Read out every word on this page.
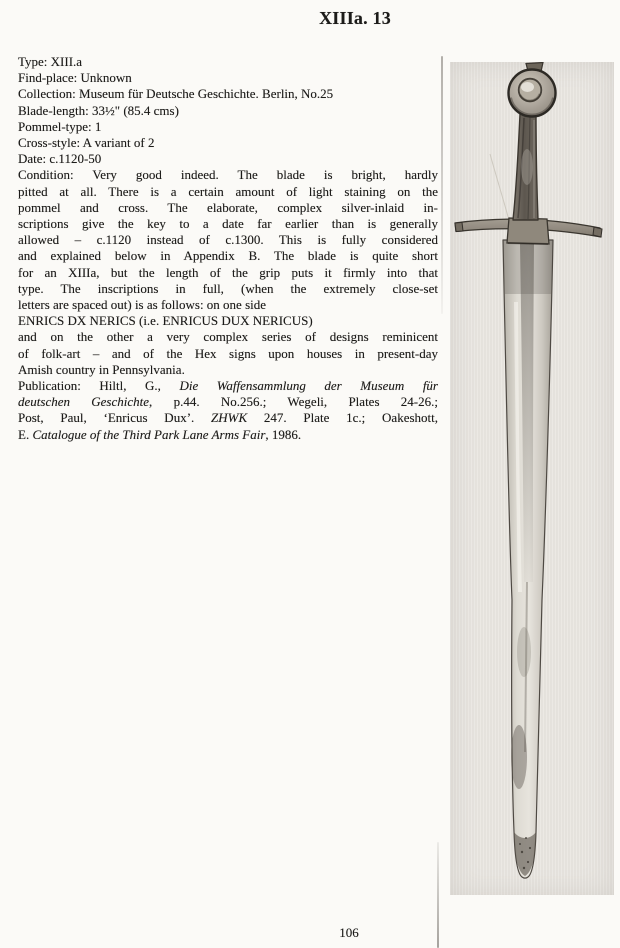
XIIIa. 13
Type: XIII.a
Find-place: Unknown
Collection: Museum für Deutsche Geschichte. Berlin, No.25
Blade-length: 33½" (85.4 cms)
Pommel-type: 1
Cross-style: A variant of 2
Date: c.1120-50
Condition: Very good indeed. The blade is bright, hardly
pitted at all. There is a certain amount of light staining on the
pommel and cross. The elaborate, complex silver-inlaid in-
scriptions give the key to a date far earlier than is generally
allowed – c.1120 instead of c.1300. This is fully considered
and explained below in Appendix B. The blade is quite short
for an XIIIa, but the length of the grip puts it firmly into that
type. The inscriptions in full, (when the extremely close-set
letters are spaced out) is as follows: on one side
ENRICS DX NERICS (i.e. ENRICUS DUX NERICUS)
and on the other a very complex series of designs reminicent
of folk-art – and of the Hex signs upon houses in present-day
Amish country in Pennsylvania.
Publication: Hiltl, G., Die Waffensammlung der Museum für
deutschen Geschichte, p.44. No.256.; Wegeli, Plates 24-26.;
Post, Paul, ‘Enricus Dux’. ZHWK 247. Plate 1c.; Oakeshott,
E. Catalogue of the Third Park Lane Arms Fair, 1986.
106
